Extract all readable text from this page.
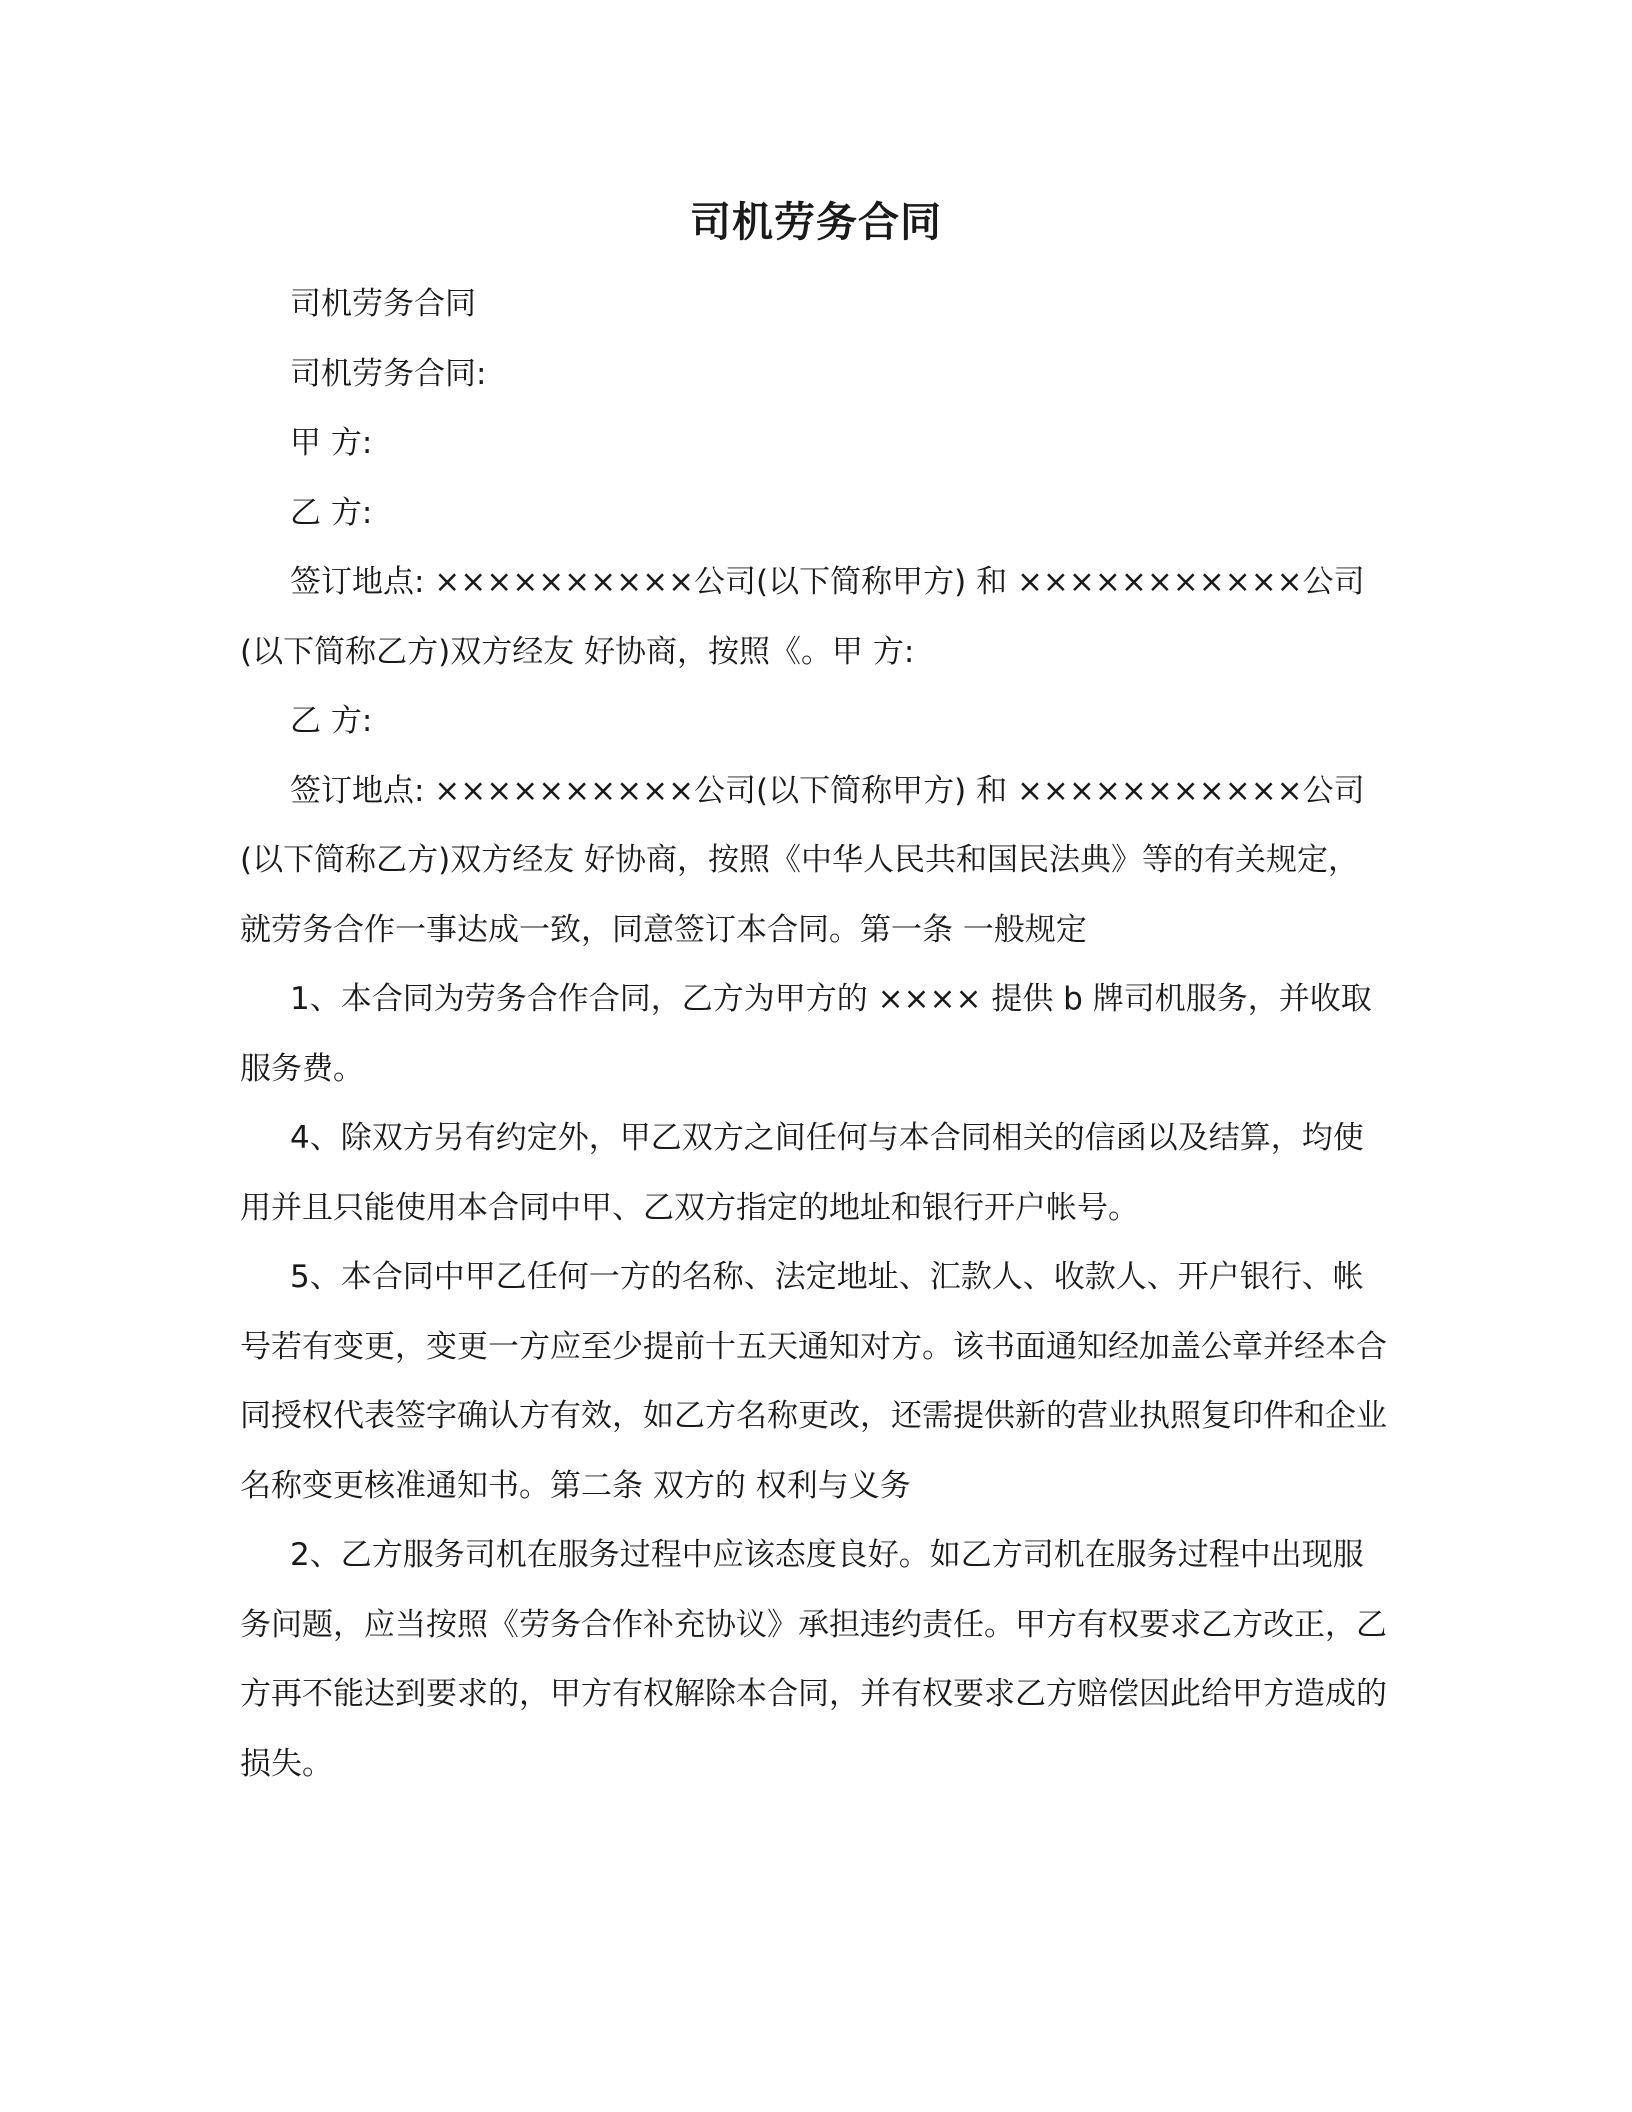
司机劳务合同

司机劳务合同

司机劳务合同:

甲 方:

乙 方:

签订地点: ××××××××××公司(以下简称甲方) 和 ×××××××××××公司(以下简称乙方)双方经友 好协商，按照《。甲 方:

乙 方:

签订地点: ××××××××××公司(以下简称甲方) 和 ×××××××××××公司(以下简称乙方)双方经友 好协商，按照《中华人民共和国民法典》等的有关规定，就劳务合作一事达成一致，同意签订本合同。第一条 一般规定

1、本合同为劳务合作合同，乙方为甲方的 ×××× 提供 b 牌司机服务，并收取服务费。

4、除双方另有约定外，甲乙双方之间任何与本合同相关的信函以及结算，均使用并且只能使用本合同中甲、乙双方指定的地址和银行开户帐号。

5、本合同中甲乙任何一方的名称、法定地址、汇款人、收款人、开户银行、帐号若有变更，变更一方应至少提前十五天通知对方。该书面通知经加盖公章并经本合同授权代表签字确认方有效，如乙方名称更改，还需提供新的营业执照复印件和企业名称变更核准通知书。第二条 双方的 权利与义务

2、乙方服务司机在服务过程中应该态度良好。如乙方司机在服务过程中出现服务问题，应当按照《劳务合作补充协议》承担违约责任。甲方有权要求乙方改正，乙方再不能达到要求的，甲方有权解除本合同，并有权要求乙方赔偿因此给甲方造成的损失。
